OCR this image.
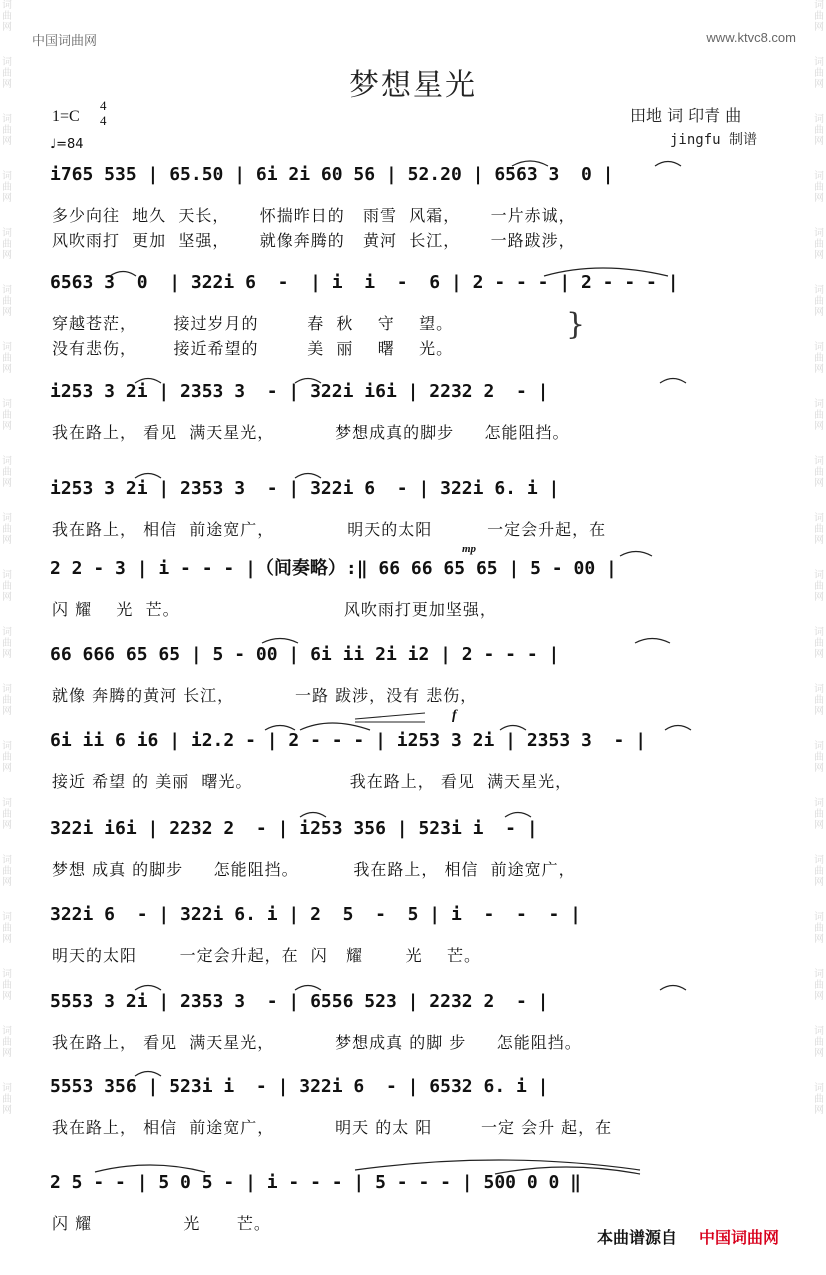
词曲网
词曲网
词曲网
词曲网
词曲网
词曲网
词曲网
词曲网
词曲网
词曲网
词曲网
词曲网
词曲网
词曲网
词曲网
词曲网
词曲网
词曲网
词曲网
词曲网
词曲网
词曲网
词曲网
词曲网
词曲网
词曲网
词曲网
词曲网
词曲网
词曲网
词曲网
词曲网
词曲网
词曲网
词曲网
词曲网
词曲网
词曲网
词曲网
词曲网
中国词曲网	www.ktvc8.com
梦想星光
1=C
4
4
♩=84
田地 词 印青 曲
jingfu 制谱
i765 535 | 65.50 | 6i 2i 60 56 | 52.20 | 6563 3  0 |
多少向往  地久  天长，     怀揣昨日的   雨雪  风霜，     一片赤诚，
风吹雨打  更加  坚强，     就像奔腾的   黄河  长江，     一路跋涉，
6563 3  0  | 322i 6  -  | i  i  -  6 | 2 - - - | 2 - - - |
穿越苍茫，      接过岁月的        春  秋    守    望。
没有悲伤，      接近希望的        美  丽    曙    光。
i253 3 2i | 2353 3  - | 322i i6i | 2232 2  - |
我在路上， 看见  满天星光，          梦想成真的脚步     怎能阻挡。
i253 3 2i | 2353 3  - | 322i 6  - | 322i 6. i |
我在路上， 相信  前途宽广，            明天的太阳         一定会升起，在
2 2 - 3 | i - - - |（间奏略）:‖ 66 66 65 65 | 5 - 00 |
闪 耀    光  芒。                           风吹雨打更加坚强，
66 666 65 65 | 5 - 00 | 6i ii 2i i2 | 2 - - - |
就像 奔腾的黄河 长江，          一路 跋涉，没有 悲伤，
6i ii 6 i6 | i2.2 - | 2 - - - | i253 3 2i | 2353 3  - |
接近 希望 的 美丽  曙光。                我在路上， 看见  满天星光，
322i i6i | 2232 2  - | i253 356 | 523i i  - |
梦想 成真 的脚步     怎能阻挡。         我在路上， 相信  前途宽广，
322i 6  - | 322i 6. i | 2  5  -  5 | i  -  -  - |
明天的太阳       一定会升起，在  闪   耀       光    芒。
5553 3 2i | 2353 3  - | 6556 523 | 2232 2  - |
我在路上， 看见  满天星光，          梦想成真 的脚 步     怎能阻挡。
5553 356 | 523i i  - | 322i 6  - | 6532 6. i |
我在路上， 相信  前途宽广，          明天 的太 阳        一定 会升 起，在
2 5 - - | 5 0 5 - | i - - - | 5 - - - | 500 0 0 ‖
闪 耀               光      芒。
mp
f
}
本曲谱源自 中国词曲网
